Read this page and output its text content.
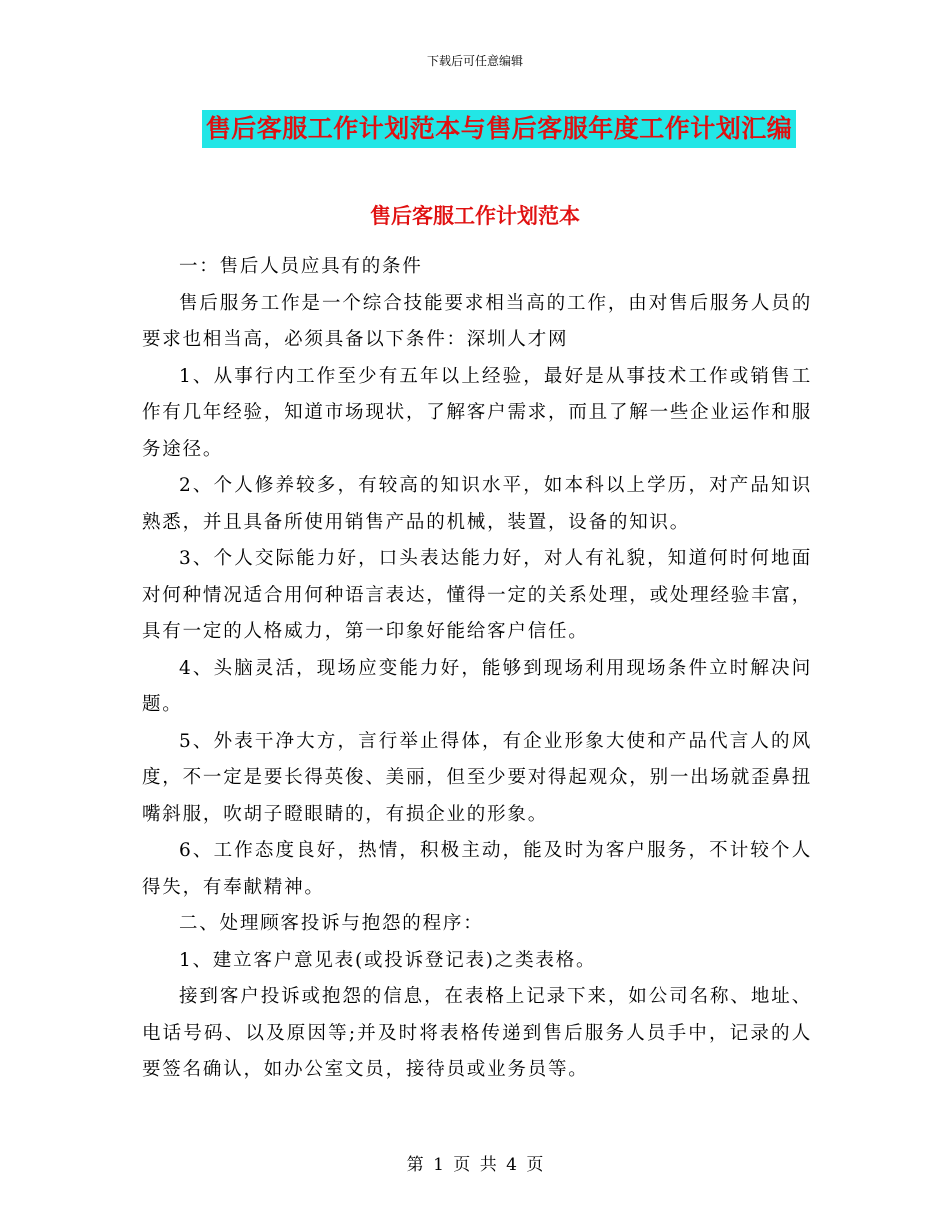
下载后可任意编辑
售后客服工作计划范本与售后客服年度工作计划汇编
售后客服工作计划范本

一：售后人员应具有的条件

售后服务工作是一个综合技能要求相当高的工作，由对售后服务人员的要求也相当高，必须具备以下条件：深圳人才网

1、从事行内工作至少有五年以上经验，最好是从事技术工作或销售工作有几年经验，知道市场现状，了解客户需求，而且了解一些企业运作和服务途径。

2、个人修养较多，有较高的知识水平，如本科以上学历，对产品知识熟悉，并且具备所使用销售产品的机械，装置，设备的知识。

3、个人交际能力好，口头表达能力好，对人有礼貌，知道何时何地面对何种情况适合用何种语言表达，懂得一定的关系处理，或处理经验丰富，具有一定的人格威力，第一印象好能给客户信任。

4、头脑灵活，现场应变能力好，能够到现场利用现场条件立时解决问题。

5、外表干净大方，言行举止得体，有企业形象大使和产品代言人的风度，不一定是要长得英俊、美丽，但至少要对得起观众，别一出场就歪鼻扭嘴斜服，吹胡子瞪眼睛的，有损企业的形象。

6、工作态度良好，热情，积极主动，能及时为客户服务，不计较个人得失，有奉献精神。

二、处理顾客投诉与抱怨的程序：

1、建立客户意见表(或投诉登记表)之类表格。

接到客户投诉或抱怨的信息，在表格上记录下来，如公司名称、地址、电话号码、以及原因等;并及时将表格传递到售后服务人员手中，记录的人要签名确认，如办公室文员，接待员或业务员等。

第 1 页 共 4 页
